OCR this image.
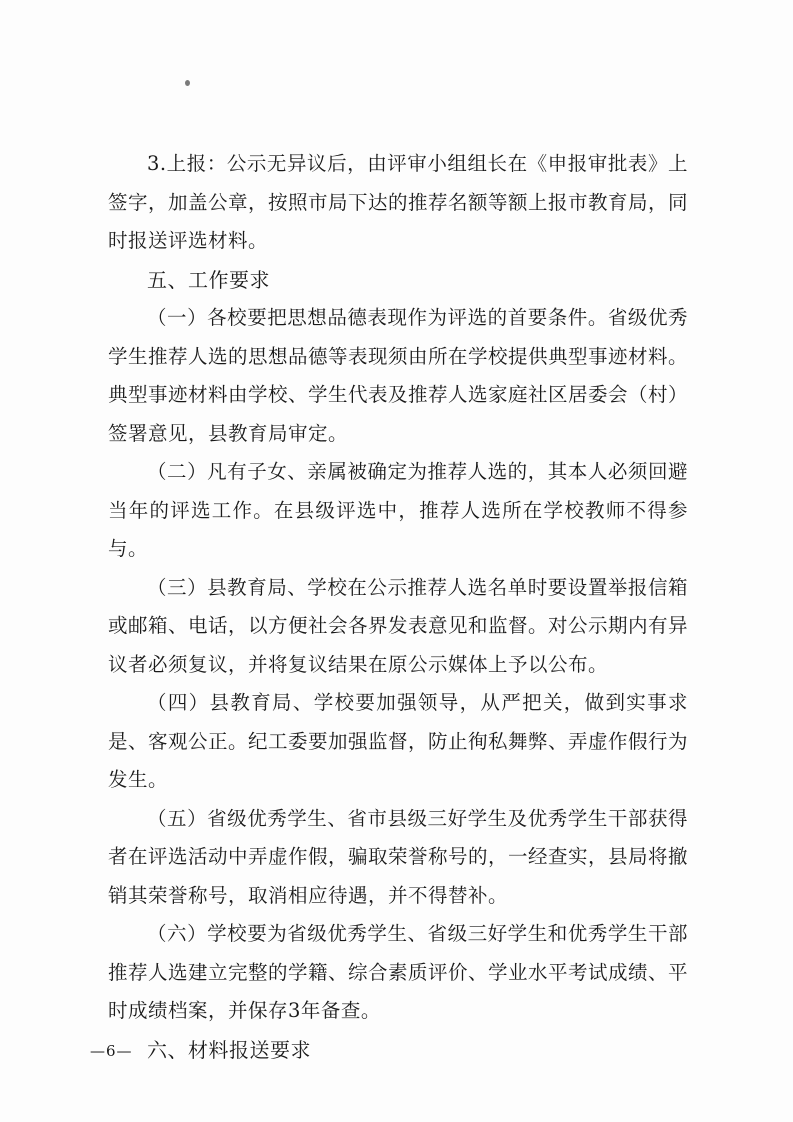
3.上报：公示无异议后，由评审小组组长在《申报审批表》上签字，加盖公章，按照市局下达的推荐名额等额上报市教育局，同时报送评选材料。

五、工作要求

（一）各校要把思想品德表现作为评选的首要条件。省级优秀学生推荐人选的思想品德等表现须由所在学校提供典型事迹材料。典型事迹材料由学校、学生代表及推荐人选家庭社区居委会（村）签署意见，县教育局审定。

（二）凡有子女、亲属被确定为推荐人选的，其本人必须回避当年的评选工作。在县级评选中，推荐人选所在学校教师不得参与。

（三）县教育局、学校在公示推荐人选名单时要设置举报信箱或邮箱、电话，以方便社会各界发表意见和监督。对公示期内有异议者必须复议，并将复议结果在原公示媒体上予以公布。

（四）县教育局、学校要加强领导，从严把关，做到实事求是、客观公正。纪工委要加强监督，防止徇私舞弊、弄虚作假行为发生。

（五）省级优秀学生、省市县级三好学生及优秀学生干部获得者在评选活动中弄虚作假，骗取荣誉称号的，一经查实，县局将撤销其荣誉称号，取消相应待遇，并不得替补。

（六）学校要为省级优秀学生、省级三好学生和优秀学生干部推荐人选建立完整的学籍、综合素质评价、学业水平考试成绩、平时成绩档案，并保存3年备查。

六、材料报送要求

—6—
